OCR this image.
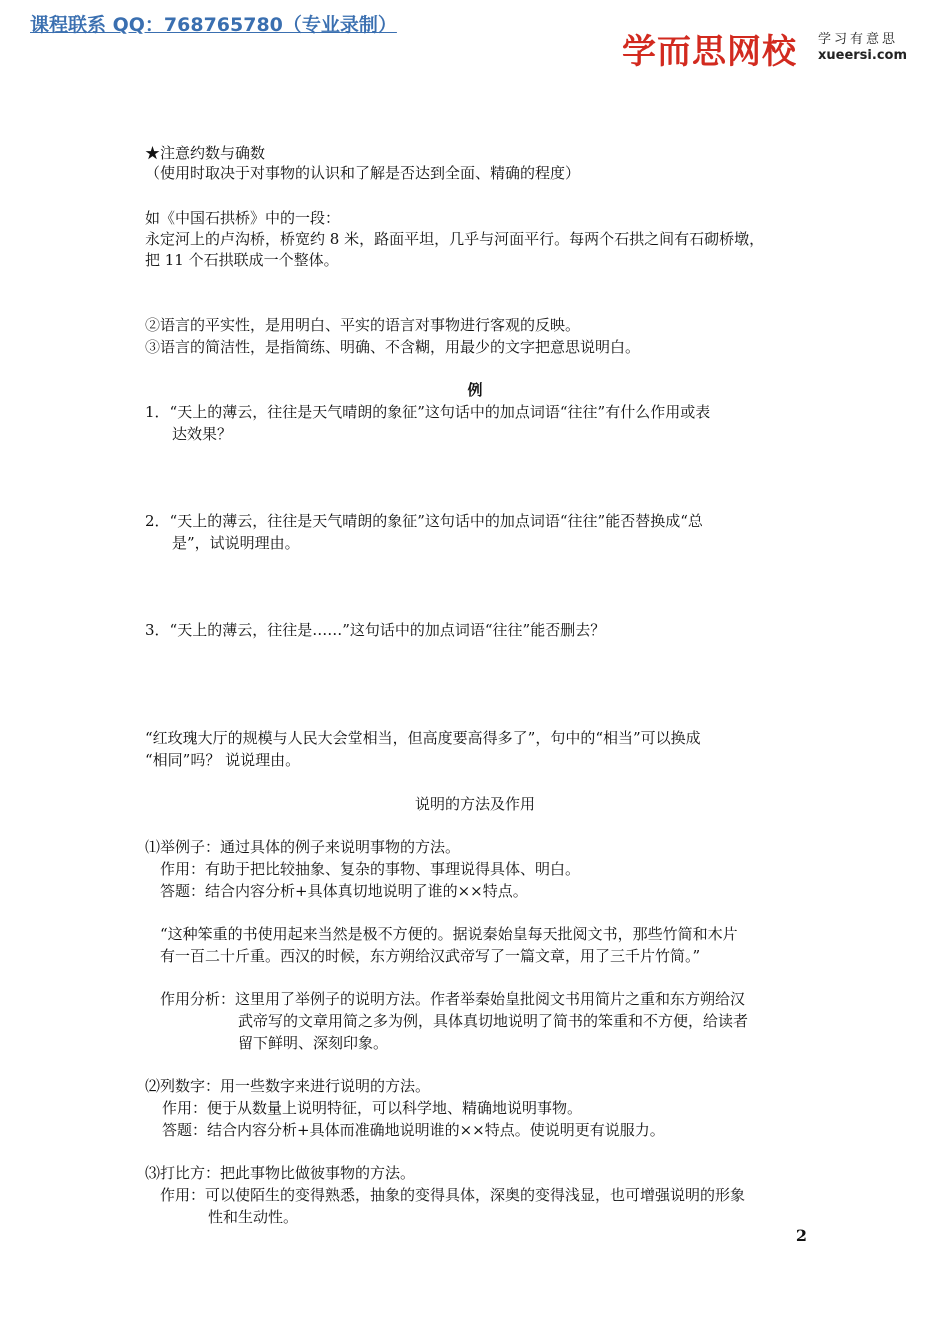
课程联系 QQ：768765780（专业录制）
学而思网校 学习有意思
xueersi.com
★注意约数与确数
（使用时取决于对事物的认识和了解是否达到全面、精确的程度）
如《中国石拱桥》中的一段：
永定河上的卢沟桥，桥宽约 8 米，路面平坦，几乎与河面平行。每两个石拱之间有石砌桥墩，
把 11 个石拱联成一个整体。
②语言的平实性，是用明白、平实的语言对事物进行客观的反映。
③语言的简洁性，是指简练、明确、不含糊，用最少的文字把意思说明白。
例
1．“天上的薄云，往往是天气晴朗的象征”这句话中的加点词语“往往”有什么作用或表
达效果？
2．“天上的薄云，往往是天气晴朗的象征”这句话中的加点词语“往往”能否替换成“总
是”，试说明理由。
3．“天上的薄云，往往是……”这句话中的加点词语“往往”能否删去？
“红玫瑰大厅的规模与人民大会堂相当，但高度要高得多了”，句中的“相当”可以换成
“相同”吗？ 说说理由。
说明的方法及作用
⑴举例子：通过具体的例子来说明事物的方法。
作用：有助于把比较抽象、复杂的事物、事理说得具体、明白。
答题：结合内容分析+具体真切地说明了谁的××特点。
“这种笨重的书使用起来当然是极不方便的。据说秦始皇每天批阅文书，那些竹简和木片
有一百二十斤重。西汉的时候，东方朔给汉武帝写了一篇文章，用了三千片竹简。”
作用分析：这里用了举例子的说明方法。作者举秦始皇批阅文书用简片之重和东方朔给汉
武帝写的文章用简之多为例，具体真切地说明了简书的笨重和不方便，给读者
留下鲜明、深刻印象。
⑵列数字：用一些数字来进行说明的方法。
作用：便于从数量上说明特征，可以科学地、精确地说明事物。
答题：结合内容分析+具体而准确地说明谁的××特点。使说明更有说服力。
⑶打比方：把此事物比做彼事物的方法。
作用：可以使陌生的变得熟悉，抽象的变得具体，深奥的变得浅显，也可增强说明的形象
性和生动性。
2
